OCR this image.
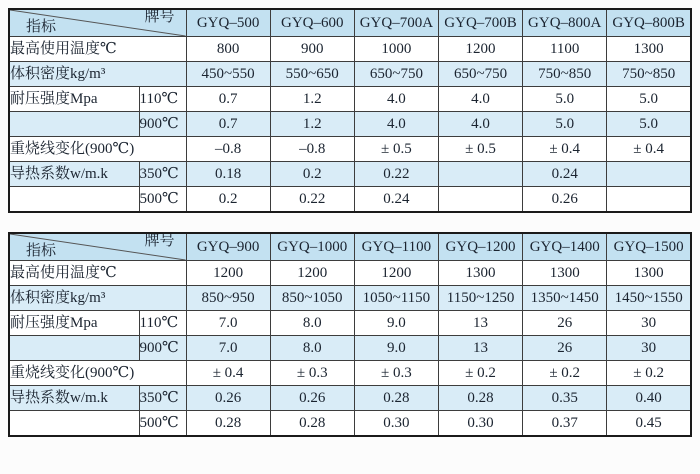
牌号
指标		GYQ–500	GYQ–600	GYQ–700A	GYQ–700B	GYQ–800A	GYQ–800B
最高使用温度℃		800	900	1000	1200	1100	1300
体积密度kg/m³		450~550	550~650	650~750	650~750	750~850	750~850
耐压强度Mpa	110℃	0.7	1.2	4.0	4.0	5.0	5.0
	900℃	0.7	1.2	4.0	4.0	5.0	5.0
重烧线变化(900℃)		–0.8	–0.8	± 0.5	± 0.5	± 0.4	± 0.4
导热系数w/m.k	350℃	0.18	0.2	0.22		0.24	
	500℃	0.2	0.22	0.24		0.26	
牌号
指标		GYQ–900	GYQ–1000	GYQ–1100	GYQ–1200	GYQ–1400	GYQ–1500
最高使用温度℃		1200	1200	1200	1300	1300	1300
体积密度kg/m³		850~950	850~1050	1050~1150	1150~1250	1350~1450	1450~1550
耐压强度Mpa	110℃	7.0	8.0	9.0	13	26	30
	900℃	7.0	8.0	9.0	13	26	30
重烧线变化(900℃)		± 0.4	± 0.3	± 0.3	± 0.2	± 0.2	± 0.2
导热系数w/m.k	350℃	0.26	0.26	0.28	0.28	0.35	0.40
	500℃	0.28	0.28	0.30	0.30	0.37	0.45
